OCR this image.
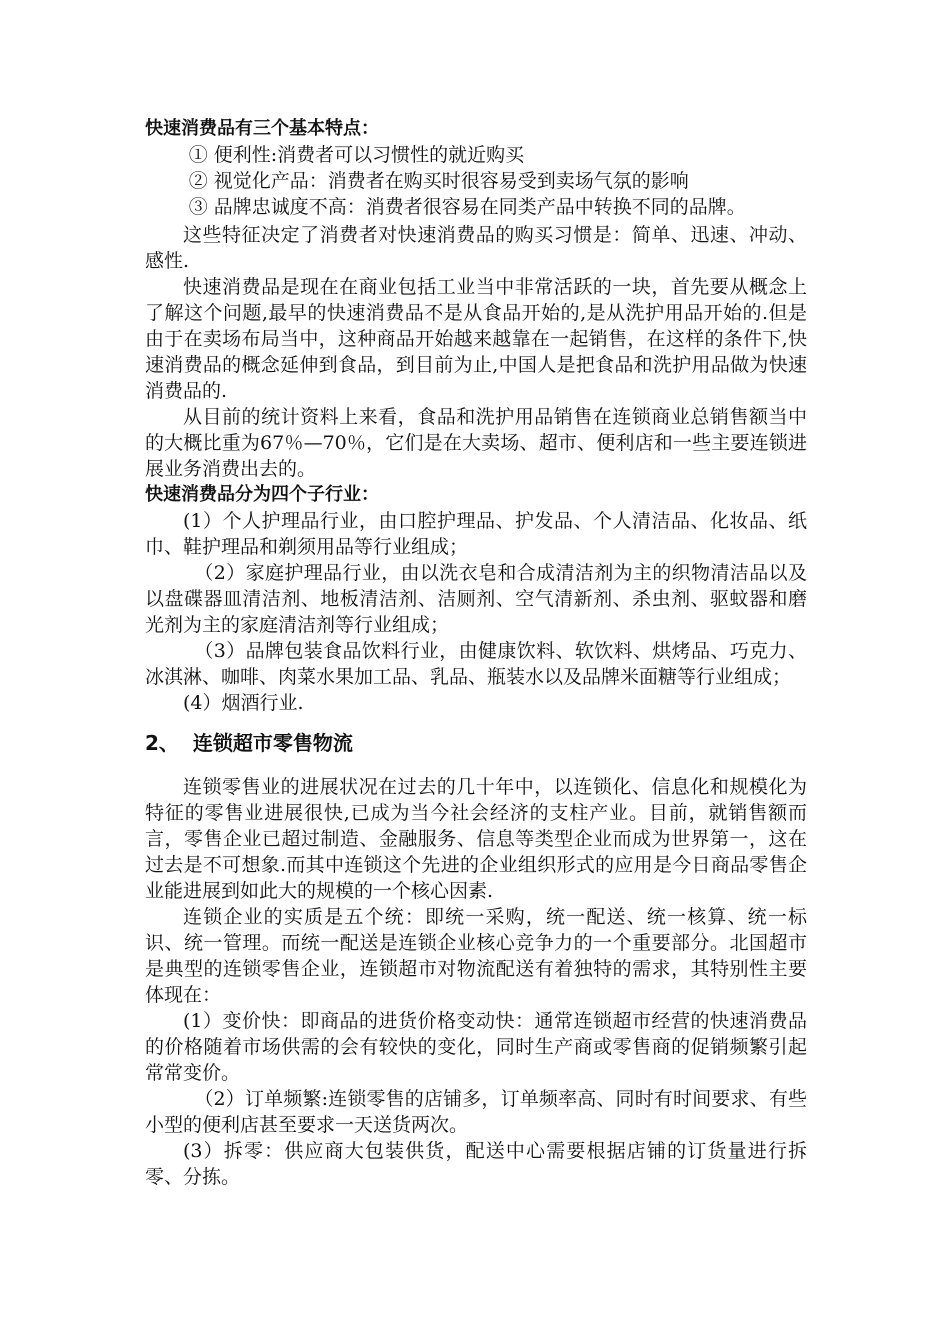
快速消费品有三个基本特点：

① 便利性:消费者可以习惯性的就近购买

② 视觉化产品：消费者在购买时很容易受到卖场气氛的影响

③ 品牌忠诚度不高：消费者很容易在同类产品中转换不同的品牌。

这些特征决定了消费者对快速消费品的购买习惯是：简单、迅速、冲动、感性.

快速消费品是现在在商业包括工业当中非常活跃的一块，首先要从概念上了解这个问题,最早的快速消费品不是从食品开始的,是从洗护用品开始的.但是由于在卖场布局当中，这种商品开始越来越靠在一起销售，在这样的条件下,快速消费品的概念延伸到食品，到目前为止,中国人是把食品和洗护用品做为快速消费品的.

从目前的统计资料上来看，食品和洗护用品销售在连锁商业总销售额当中的大概比重为67％—70％，它们是在大卖场、超市、便利店和一些主要连锁进展业务消费出去的。

快速消费品分为四个子行业：

(1）个人护理品行业，由口腔护理品、护发品、个人清洁品、化妆品、纸巾、鞋护理品和剃须用品等行业组成；

（2）家庭护理品行业，由以洗衣皂和合成清洁剂为主的织物清洁品以及以盘碟器皿清洁剂、地板清洁剂、洁厕剂、空气清新剂、杀虫剂、驱蚊器和磨光剂为主的家庭清洁剂等行业组成；

（3）品牌包装食品饮料行业，由健康饮料、软饮料、烘烤品、巧克力、冰淇淋、咖啡、肉菜水果加工品、乳品、瓶装水以及品牌米面糖等行业组成；

(4）烟酒行业.

2、 连锁超市零售物流

连锁零售业的进展状况在过去的几十年中，以连锁化、信息化和规模化为特征的零售业进展很快,已成为当今社会经济的支柱产业。目前，就销售额而言，零售企业已超过制造、金融服务、信息等类型企业而成为世界第一，这在过去是不可想象.而其中连锁这个先进的企业组织形式的应用是今日商品零售企业能进展到如此大的规模的一个核心因素.

连锁企业的实质是五个统：即统一采购，统一配送、统一核算、统一标识、统一管理。而统一配送是连锁企业核心竞争力的一个重要部分。北国超市是典型的连锁零售企业，连锁超市对物流配送有着独特的需求，其特别性主要体现在：

(1）变价快：即商品的进货价格变动快：通常连锁超市经营的快速消费品的价格随着市场供需的会有较快的变化，同时生产商或零售商的促销频繁引起常常变价。

（2）订单频繁:连锁零售的店铺多，订单频率高、同时有时间要求、有些小型的便利店甚至要求一天送货两次。

(3）拆零：供应商大包装供货，配送中心需要根据店铺的订货量进行拆零、分拣。
